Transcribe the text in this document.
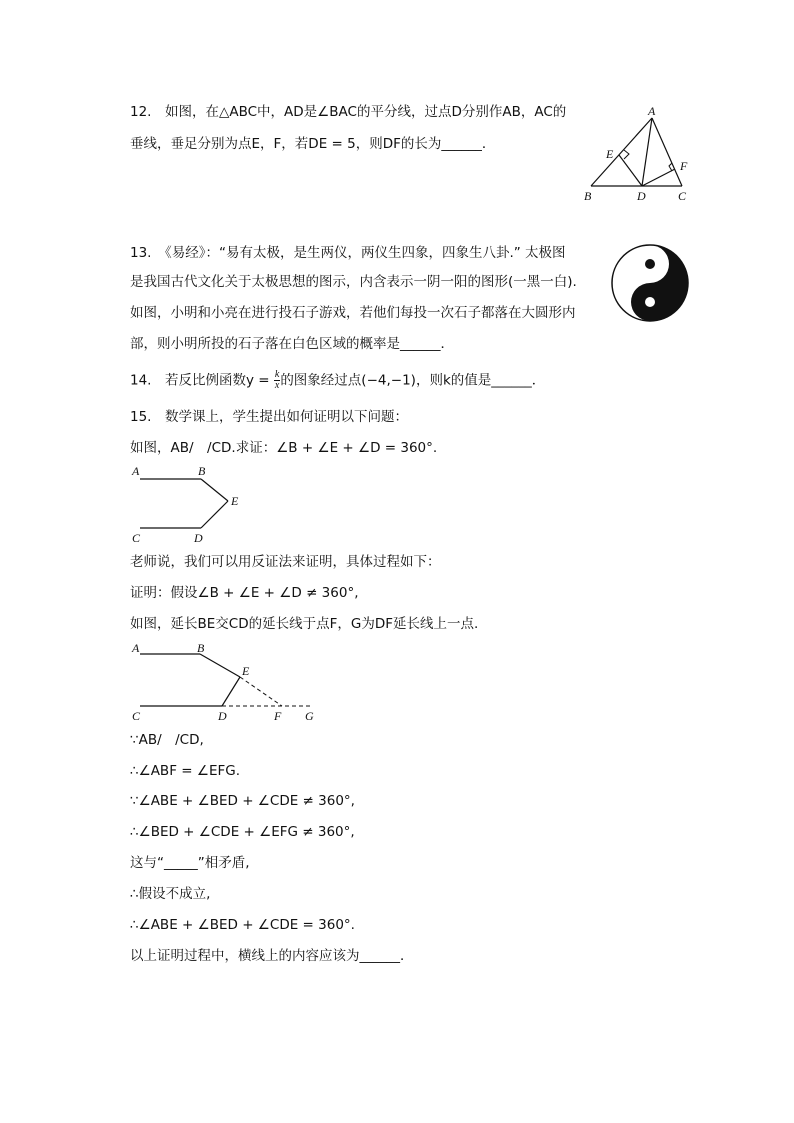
12.　如图，在△ABC中，AD是∠BAC的平分线，过点D分别作AB，AC的
垂线，垂足分别为点E，F，若DE = 5，则DF的长为______．
A
B	C
D
E
F
13.　《易经》：“易有太极，是生两仪，两仪生四象，四象生八卦.” 太极图
是我国古代文化关于太极思想的图示，内含表示一阴一阳的图形(一黑一白).
如图，小明和小亮在进行投石子游戏，若他们每投一次石子都落在大圆形内
部，则小明所投的石子落在白色区域的概率是______．
14.　若反比例函数$y = \frac{k}{x}$ 的图象经过点(−4,−1)，则k的值是______．
15.　数学课上，学生提出如何证明以下问题：
如图，AB/　/CD.求证：∠B + ∠E + ∠D = 360°.
A	B
C	D
E
老师说，我们可以用反证法来证明，具体过程如下：
证明：假设∠B + ∠E + ∠D ≠ 360°,
如图，延长BE交CD的延长线于点F，G为DF延长线上一点.
A	B
C	D
E
F G
∵AB/　/CD,
∴∠ABF = ∠EFG.
∵∠ABE + ∠BED + ∠CDE ≠ 360°,
∴∠BED + ∠CDE + ∠EFG ≠ 360°,
这与“_____”相矛盾,
∴假设不成立,
∴∠ABE + ∠BED + ∠CDE = 360°.
以上证明过程中，横线上的内容应该为______．
